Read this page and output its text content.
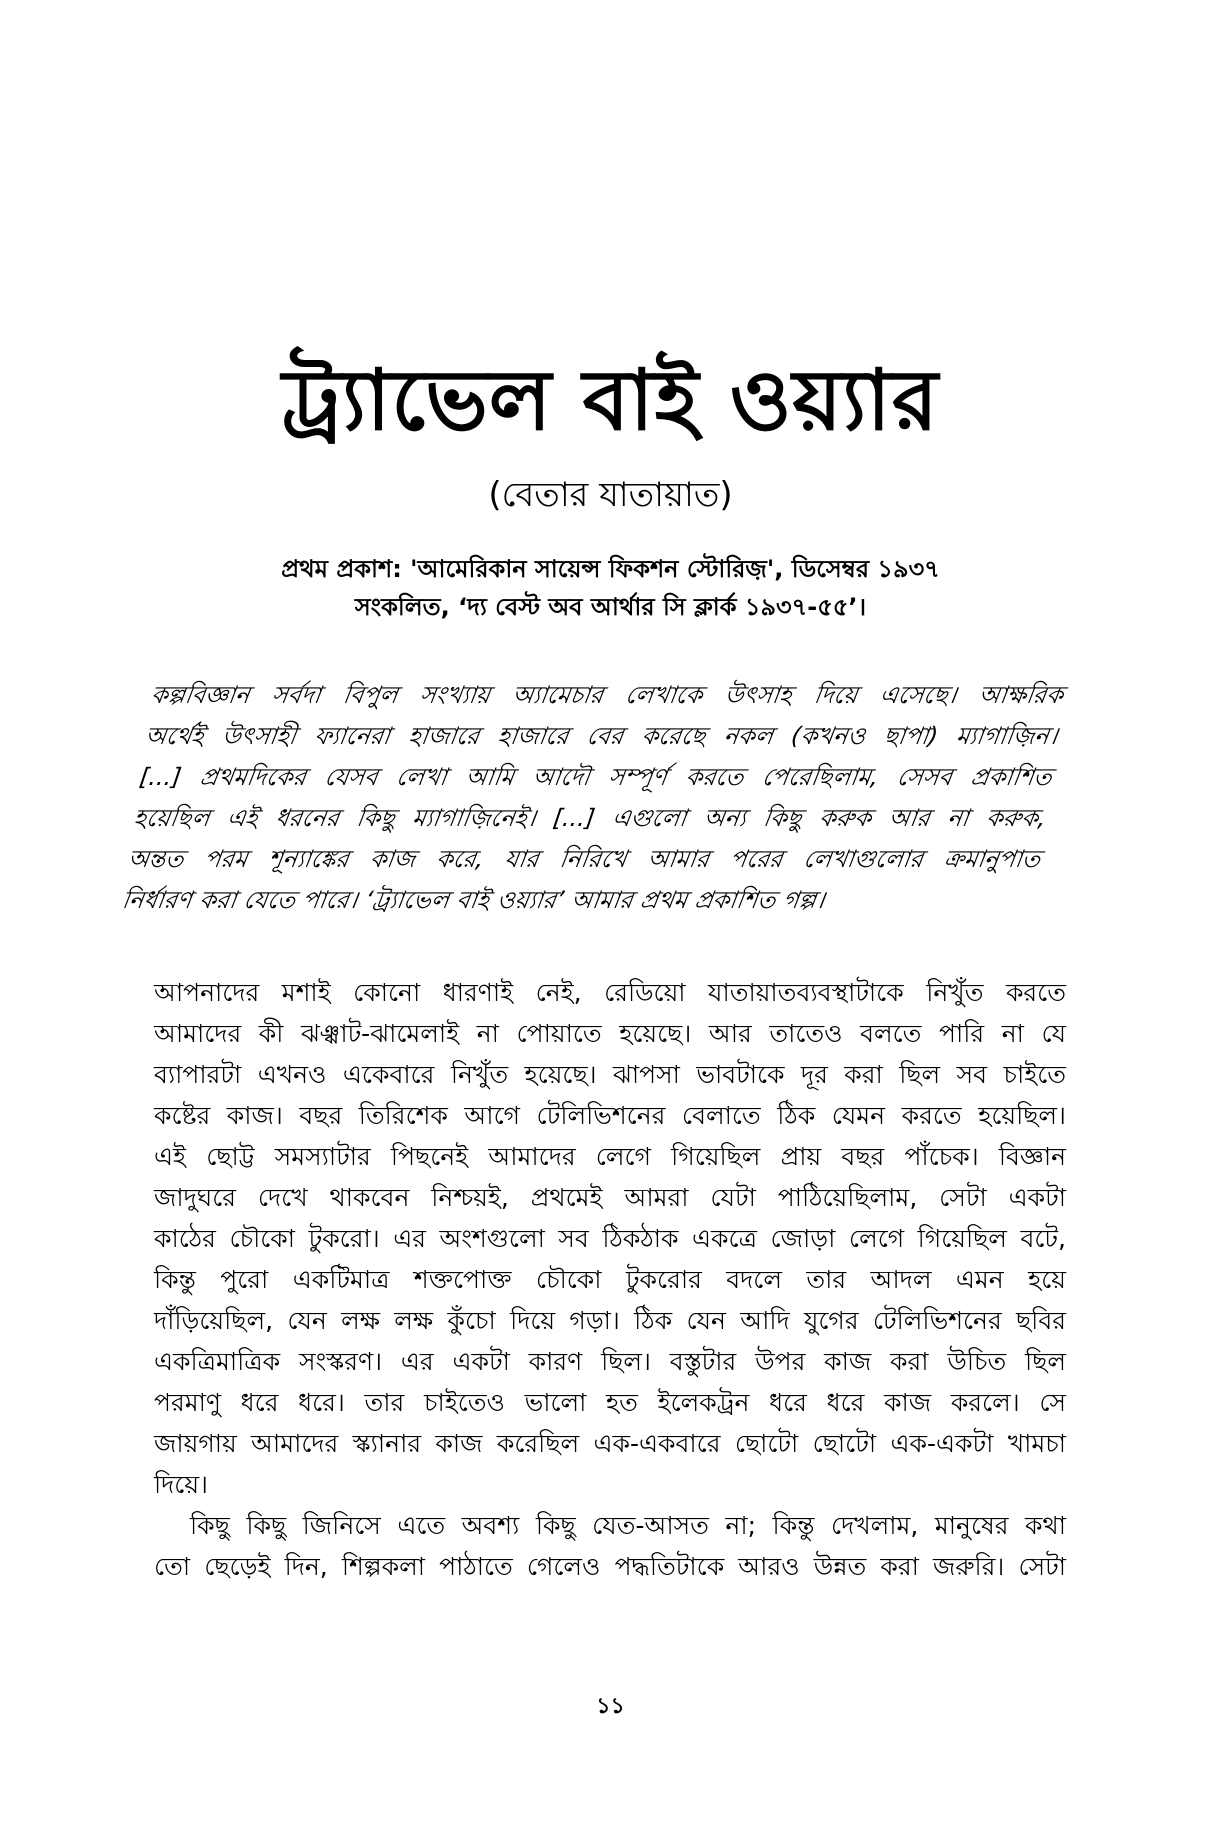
ট্র্যাভেল বাই ওয়্যার
(বেতার যাতায়াত)
প্রথম প্রকাশ: 'আমেরিকান সায়েন্স ফিকশন স্টোরিজ়', ডিসেম্বর ১৯৩৭
সংকলিত, ‘দ্য বেস্ট অব আর্থার সি ক্লার্ক ১৯৩৭-৫৫’।
কল্পবিজ্ঞান সর্বদা বিপুল সংখ্যায় অ্যামেচার লেখাকে উৎসাহ দিয়ে এসেছে। আক্ষরিক
অর্থেই উৎসাহী ফ্যানেরা হাজারে হাজারে বের করেছে নকল (কখনও ছাপা) ম্যাগাজ়িন।
[...] প্রথমদিকের যেসব লেখা আমি আদৌ সম্পূর্ণ করতে পেরেছিলাম, সেসব প্রকাশিত
হয়েছিল এই ধরনের কিছু ম্যাগাজ়িনেই। [...] এগুলো অন্য কিছু করুক আর না করুক,
অন্তত পরম শূন্যাঙ্কের কাজ করে, যার নিরিখে আমার পরের লেখাগুলোর ক্রমানুপাত
নির্ধারণ করা যেতে পারে। ‘ট্র্যাভেল বাই ওয়্যার’ আমার প্রথম প্রকাশিত গল্প।
আপনাদের মশাই কোনো ধারণাই নেই, রেডিয়ো যাতায়াতব্যবস্থাটাকে নিখুঁত করতে
আমাদের কী ঝঞ্ঝাট-ঝামেলাই না পোয়াতে হয়েছে। আর তাতেও বলতে পারি না যে
ব্যাপারটা এখনও একেবারে নিখুঁত হয়েছে। ঝাপসা ভাবটাকে দূর করা ছিল সব চাইতে
কষ্টের কাজ। বছর তিরিশেক আগে টেলিভিশনের বেলাতে ঠিক যেমন করতে হয়েছিল।
এই ছোট্ট সমস্যাটার পিছনেই আমাদের লেগে গিয়েছিল প্রায় বছর পাঁচেক। বিজ্ঞান
জাদুঘরে দেখে থাকবেন নিশ্চয়ই, প্রথমেই আমরা যেটা পাঠিয়েছিলাম, সেটা একটা
কাঠের চৌকো টুকরো। এর অংশগুলো সব ঠিকঠাক একত্রে জোড়া লেগে গিয়েছিল বটে,
কিন্তু পুরো একটিমাত্র শক্তপোক্ত চৌকো টুকরোর বদলে তার আদল এমন হয়ে
দাঁড়িয়েছিল, যেন লক্ষ লক্ষ কুঁচো দিয়ে গড়া। ঠিক যেন আদি যুগের টেলিভিশনের ছবির
একত্রিমাত্রিক সংস্করণ। এর একটা কারণ ছিল। বস্তুটার উপর কাজ করা উচিত ছিল
পরমাণু ধরে ধরে। তার চাইতেও ভালো হত ইলেকট্রন ধরে ধরে কাজ করলে। সে
জায়গায় আমাদের স্ক্যানার কাজ করেছিল এক-একবারে ছোটো ছোটো এক-একটা খামচা
দিয়ে।
কিছু কিছু জিনিসে এতে অবশ্য কিছু যেত-আসত না; কিন্তু দেখলাম, মানুষের কথা
তো ছেড়েই দিন, শিল্পকলা পাঠাতে গেলেও পদ্ধতিটাকে আরও উন্নত করা জরুরি। সেটা
১১
